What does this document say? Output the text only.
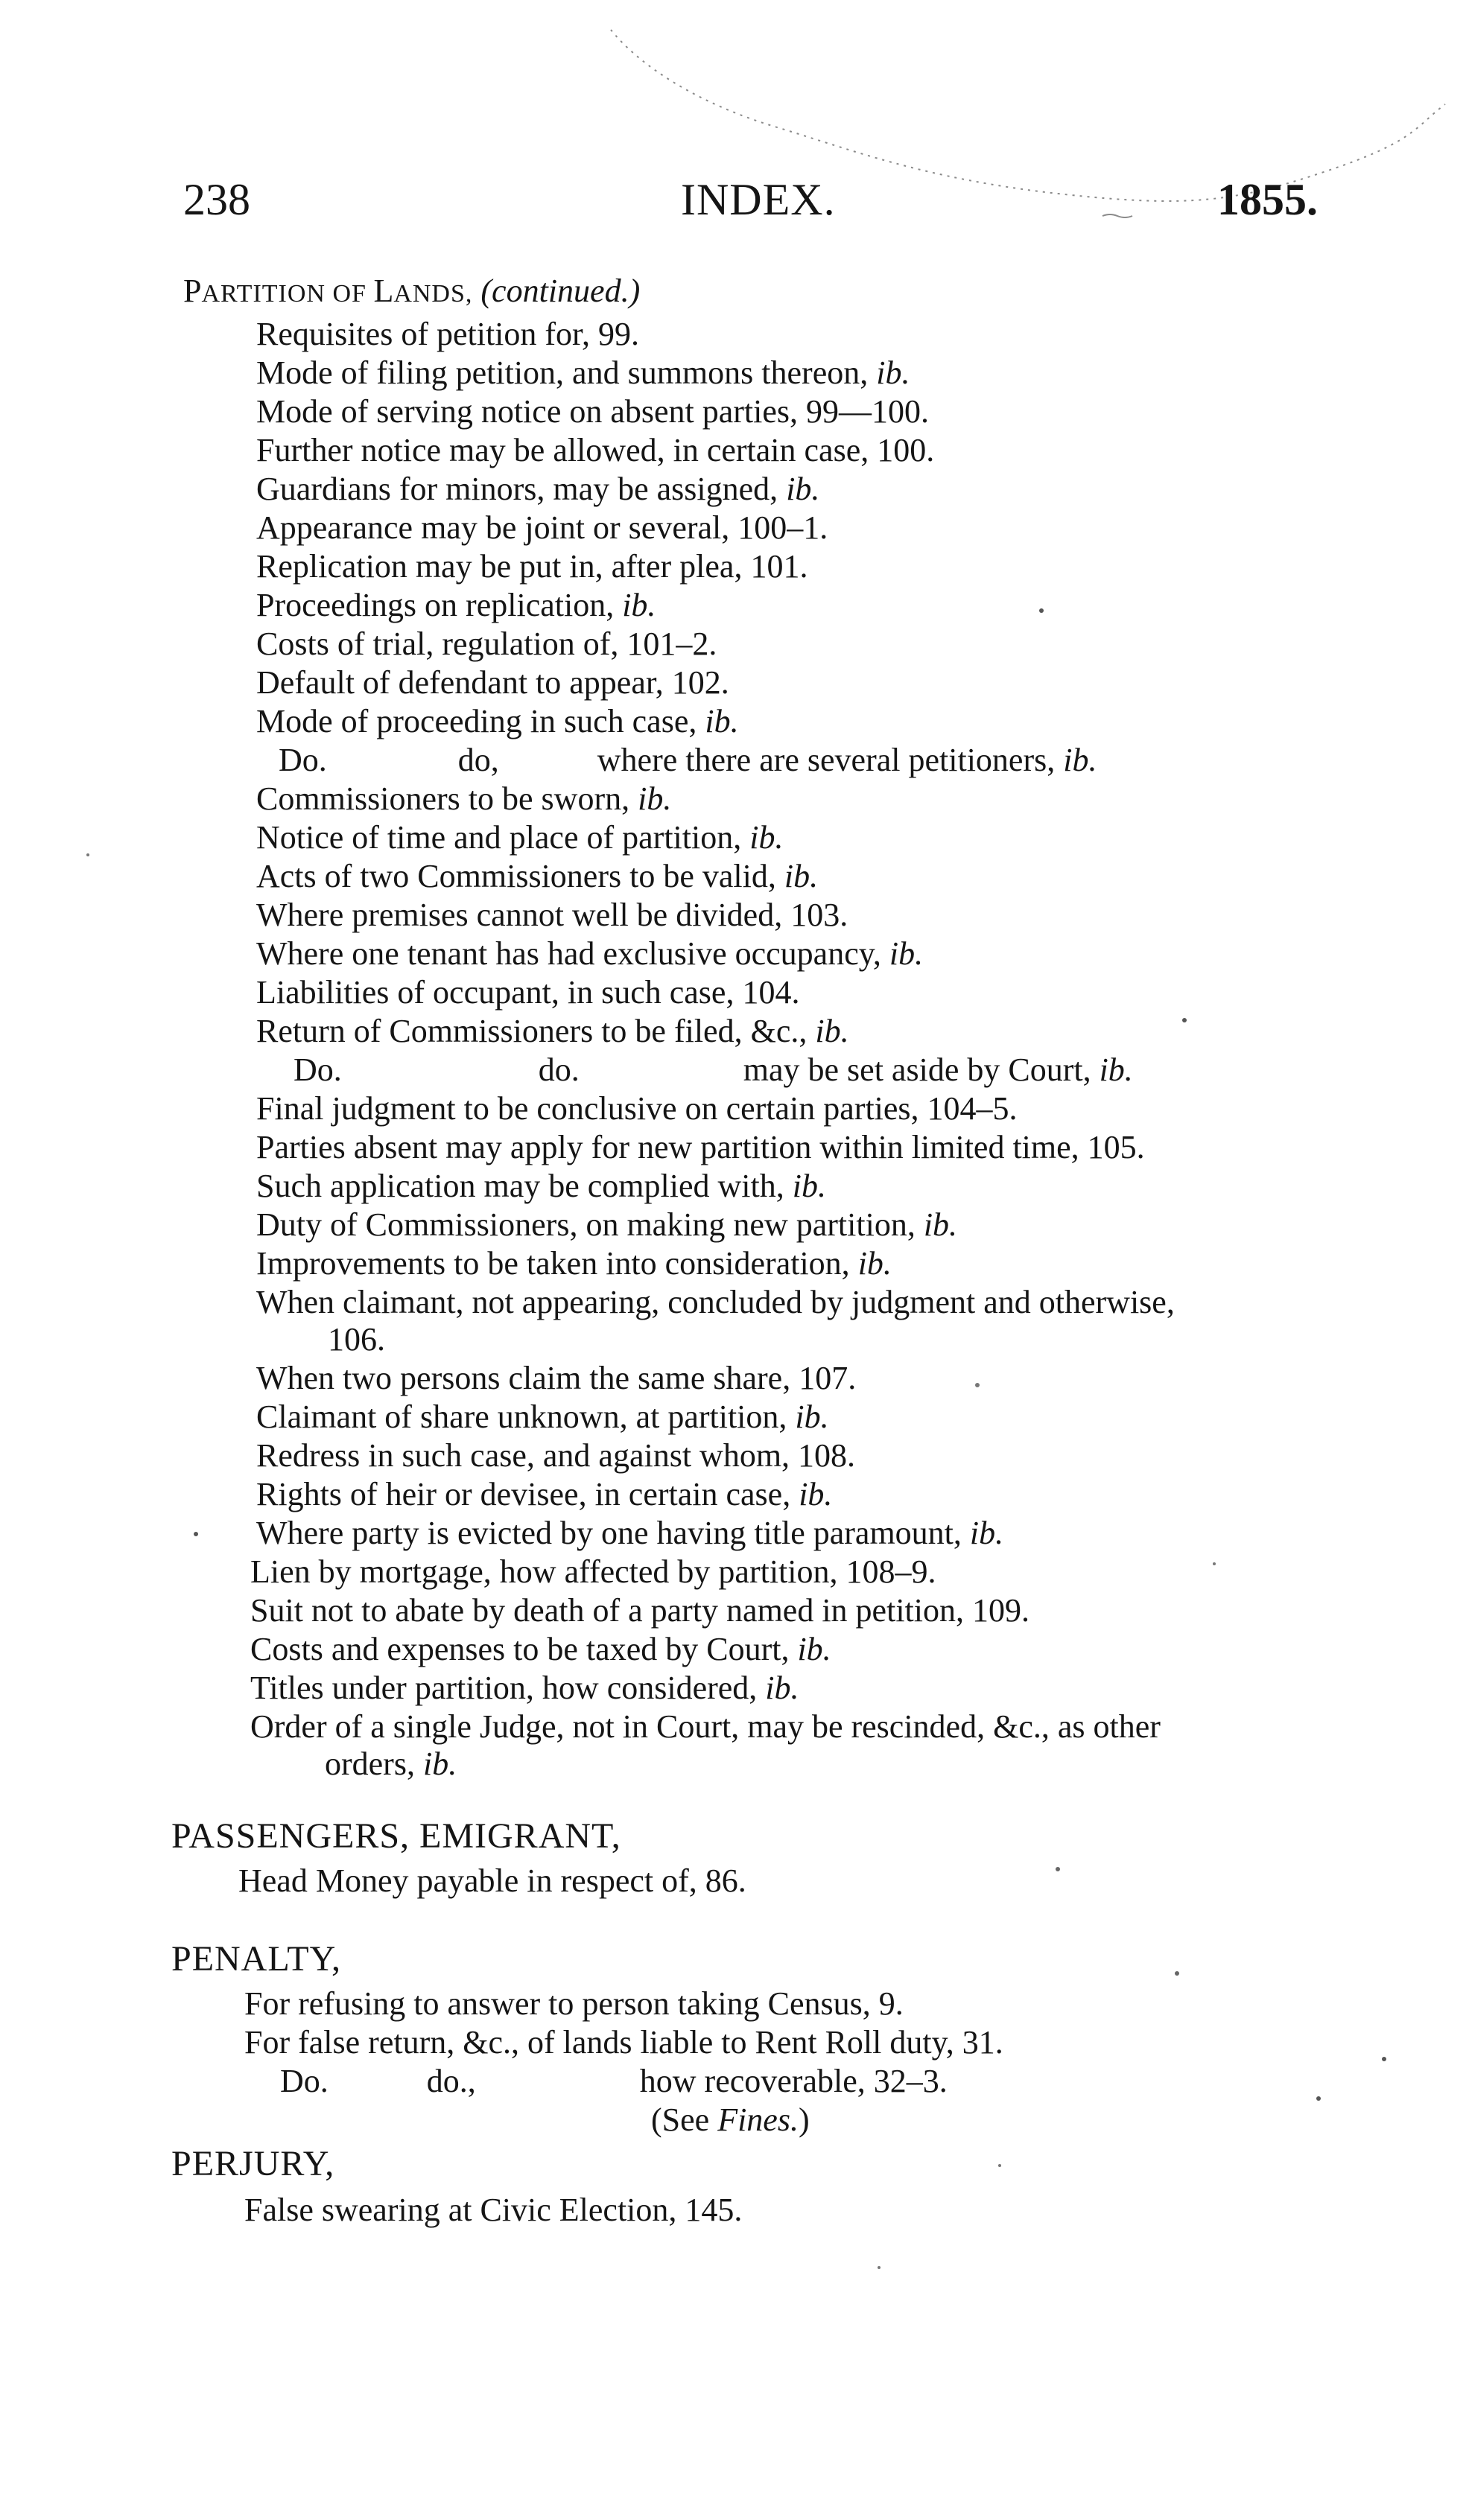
238	INDEX.	1855.
PARTITION OF LANDS, (continued.)
Requisites of petition for, 99.
Mode of filing petition, and summons thereon, ib.
Mode of serving notice on absent parties, 99—100.
Further notice may be allowed, in certain case, 100.
Guardians for minors, may be assigned, ib.
Appearance may be joint or several, 100–1.
Replication may be put in, after plea, 101.
Proceedings on replication, ib.
Costs of trial, regulation of, 101–2.
Default of defendant to appear, 102.
Mode of proceeding in such case, ib.
Do.    do,   where there are several petitioners, ib.
Commissioners to be sworn, ib.
Notice of time and place of partition, ib.
Acts of two Commissioners to be valid, ib.
Where premises cannot well be divided, 103.
Where one tenant has had exclusive occupancy, ib.
Liabilities of occupant, in such case, 104.
Return of Commissioners to be filed, &c., ib.
Do.      do.     may be set aside by Court, ib.
Final judgment to be conclusive on certain parties, 104–5.
Parties absent may apply for new partition within limited time, 105.
Such application may be complied with, ib.
Duty of Commissioners, on making new partition, ib.
Improvements to be taken into consideration, ib.
When claimant, not appearing, concluded by judgment and otherwise,
106.
When two persons claim the same share, 107.
Claimant of share unknown, at partition, ib.
Redress in such case, and against whom, 108.
Rights of heir or devisee, in certain case, ib.
Where party is evicted by one having title paramount, ib.
Lien by mortgage, how affected by partition, 108–9.
Suit not to abate by death of a party named in petition, 109.
Costs and expenses to be taxed by Court, ib.
Titles under partition, how considered, ib.
Order of a single Judge, not in Court, may be rescinded, &c., as other
orders, ib.
PASSENGERS, EMIGRANT,
Head Money payable in respect of, 86.
PENALTY,
For refusing to answer to person taking Census, 9.
For false return, &c., of lands liable to Rent Roll duty, 31.
Do.   do.,     how recoverable, 32–3.
(See Fines.)
PERJURY,
False swearing at Civic Election, 145.
